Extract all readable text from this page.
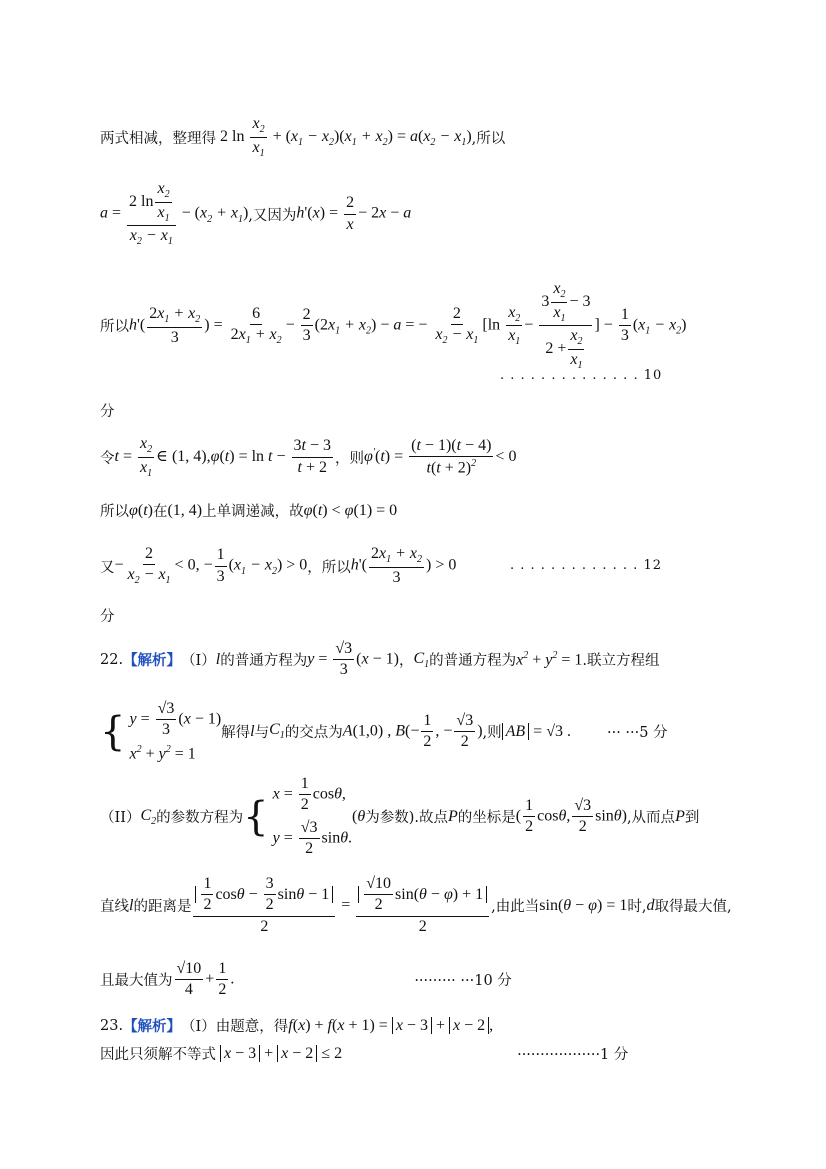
两式相减，整理得 2 $\ln \frac{x_2}{x_1} + (x_1 - x_2)(x_1 + x_2) = a(x_2 - x_1)$ ,所以
$a = \frac{2 \ln \frac{x_2}{x_1}}{x_2 - x_1} - (x_2 + x_1)$ ,又因为 $h'(x) = \frac{2}{x} - 2x - a$
所以 $h'( \frac{2x_1 + x_2}{3}$ ) = $\frac{6}{2x_1 + x_2} - \frac{2}{3} (2x_1 + x_2) - a$ = − $\frac{2}{x_2 - x_1} [\ln \frac{x_2}{x_1} - \frac{3 \frac{x_2}{x_1} - 3}{2 + \frac{x_2}{x_1}}$ ] − $\frac{1}{3} (x_1 - x_2)$
. . . . . . . . . . . . . . 10
分
令 $t = \frac{x_2}{x_1}$ ∈ (1, $4),\varphi(t) = \ln t - \frac{3t - 3}{t + 2}$ ，则 $\varphi'(t) = \frac{(t - 1)(t - 4)}{t(t + 2)^2} < 0$
所以 φ(t) 在 (1, 4) 上单调递减，故 φ(t) < φ(1) = 0
又 − $\frac{2}{x_2 - x_1} < 0$, − $\frac{1}{3} (x_1 - x_2) > 0$ ，所以 $h'( \frac{2x_1 + x_2}{3}$ ) > 0	. . . . . . . . . . . . . 12
分
22. 【解析】 （I） l 的普通方程为 $y = \frac{√3}{3} (x - 1)$ ， $C_1$ 的普通方程为 $x^2 + y^2 = 1$ .联立方程组
{ $y = \frac{√3}{3} (x - 1)$
$x^2 + y^2 = 1$
解得 l 与 $C_1$ 的交点为 A(1,0) , $B(- \frac{1}{2}$ , − $\frac{√3}{2}$ ) ,则 AB = √3 . ··· ···5 分
（II） $C_2$ 的参数方程为 { $x = \frac{1}{2} \cos\theta$,
$y = \frac{√3}{2} \sin\theta$.
(θ 为参数).故点 P 的坐标是 ( $\frac{1}{2} \cos\theta$, $\frac{√3}{2} \sin\theta$) ,从而点 P 到
直线 l 的距离是 $\frac{\frac{1}{2} \cos\theta - \frac{3}{2} \sin\theta - 1}{2} = \frac{\frac{√10}{2} \sin(\theta - \varphi) + 1}{2}$ ,由此当 sin(θ − φ) = 1 时, d 取得最大值,
且最大值为 $\frac{√10}{4} + \frac{1}{2}$ .	········· ···10 分
23. 【解析】 （I）由题意，得 f(x) + f(x + 1) = x − 3 + x − 2 ,
因此只须解不等式 x − 3 + x − 2 ≤ 2	··················1 分
